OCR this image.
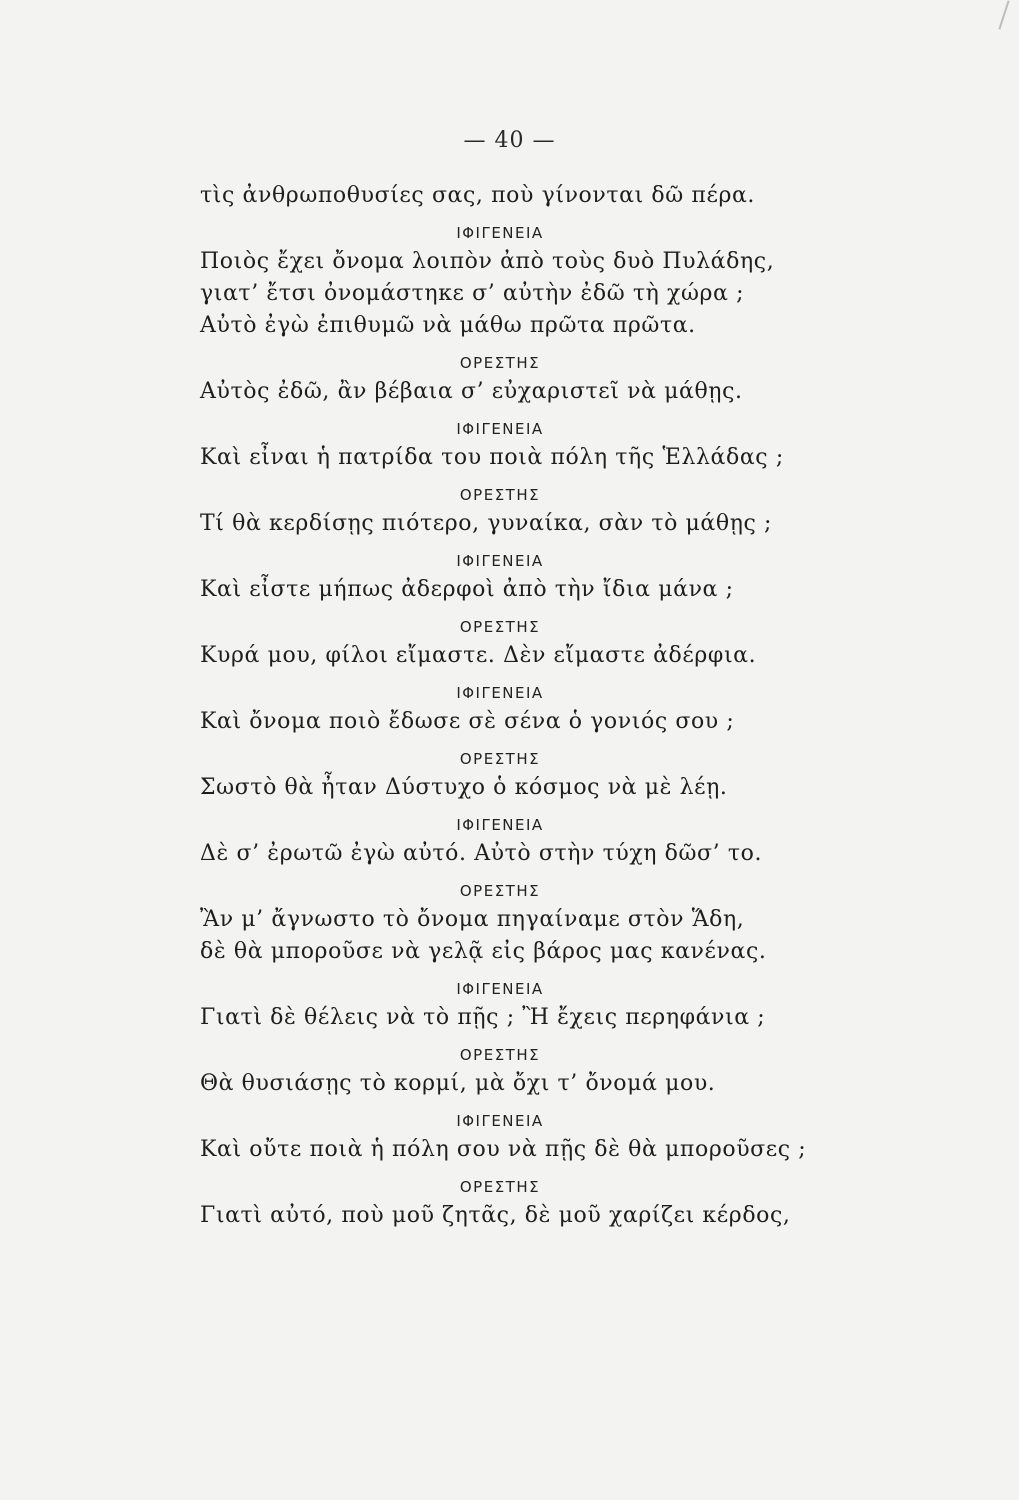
— 40 —
τὶς ἀνθρωποθυσίες σας, ποὺ γίνονται δῶ πέρα.
ΙΦΙΓΕΝΕΙΑ
Ποιὸς ἔχει ὄνομα λοιπὸν ἀπὸ τοὺς δυὸ Πυλάδης,
γιατ’ ἔτσι ὀνομάστηκε σ’ αὐτὴν ἐδῶ τὴ χώρα ;
Αὐτὸ ἐγὼ ἐπιθυμῶ νὰ μάθω πρῶτα πρῶτα.
ΟΡΕΣΤΗΣ
Αὐτὸς ἐδῶ, ἂν βέβαια σ’ εὐχαριστεῖ νὰ μάθῃς.
ΙΦΙΓΕΝΕΙΑ
Καὶ εἶναι ἡ πατρίδα του ποιὰ πόλη τῆς Ἑλλάδας ;
ΟΡΕΣΤΗΣ
Τί θὰ κερδίσῃς πιότερο, γυναίκα, σὰν τὸ μάθῃς ;
ΙΦΙΓΕΝΕΙΑ
Καὶ εἶστε μήπως ἀδερφοὶ ἀπὸ τὴν ἴδια μάνα ;
ΟΡΕΣΤΗΣ
Κυρά μου, φίλοι εἴμαστε. Δὲν εἴμαστε ἀδέρφια.
ΙΦΙΓΕΝΕΙΑ
Καὶ ὄνομα ποιὸ ἔδωσε σὲ σένα ὁ γονιός σου ;
ΟΡΕΣΤΗΣ
Σωστὸ θὰ ἦταν Δύστυχο ὁ κόσμος νὰ μὲ λέῃ.
ΙΦΙΓΕΝΕΙΑ
Δὲ σ’ ἐρωτῶ ἐγὼ αὐτό. Αὐτὸ στὴν τύχη δῶσ’ το.
ΟΡΕΣΤΗΣ
Ἂν μ’ ἄγνωστο τὸ ὄνομα πηγαίναμε στὸν Ἅδη,
δὲ θὰ μποροῦσε νὰ γελᾷ εἰς βάρος μας κανένας.
ΙΦΙΓΕΝΕΙΑ
Γιατὶ δὲ θέλεις νὰ τὸ πῇς ; Ἢ ἔχεις περηφάνια ;
ΟΡΕΣΤΗΣ
Θὰ θυσιάσῃς τὸ κορμί, μὰ ὄχι τ’ ὄνομά μου.
ΙΦΙΓΕΝΕΙΑ
Καὶ οὔτε ποιὰ ἡ πόλη σου νὰ πῇς δὲ θὰ μποροῦσες ;
ΟΡΕΣΤΗΣ
Γιατὶ αὐτό, ποὺ μοῦ ζητᾶς, δὲ μοῦ χαρίζει κέρδος,
